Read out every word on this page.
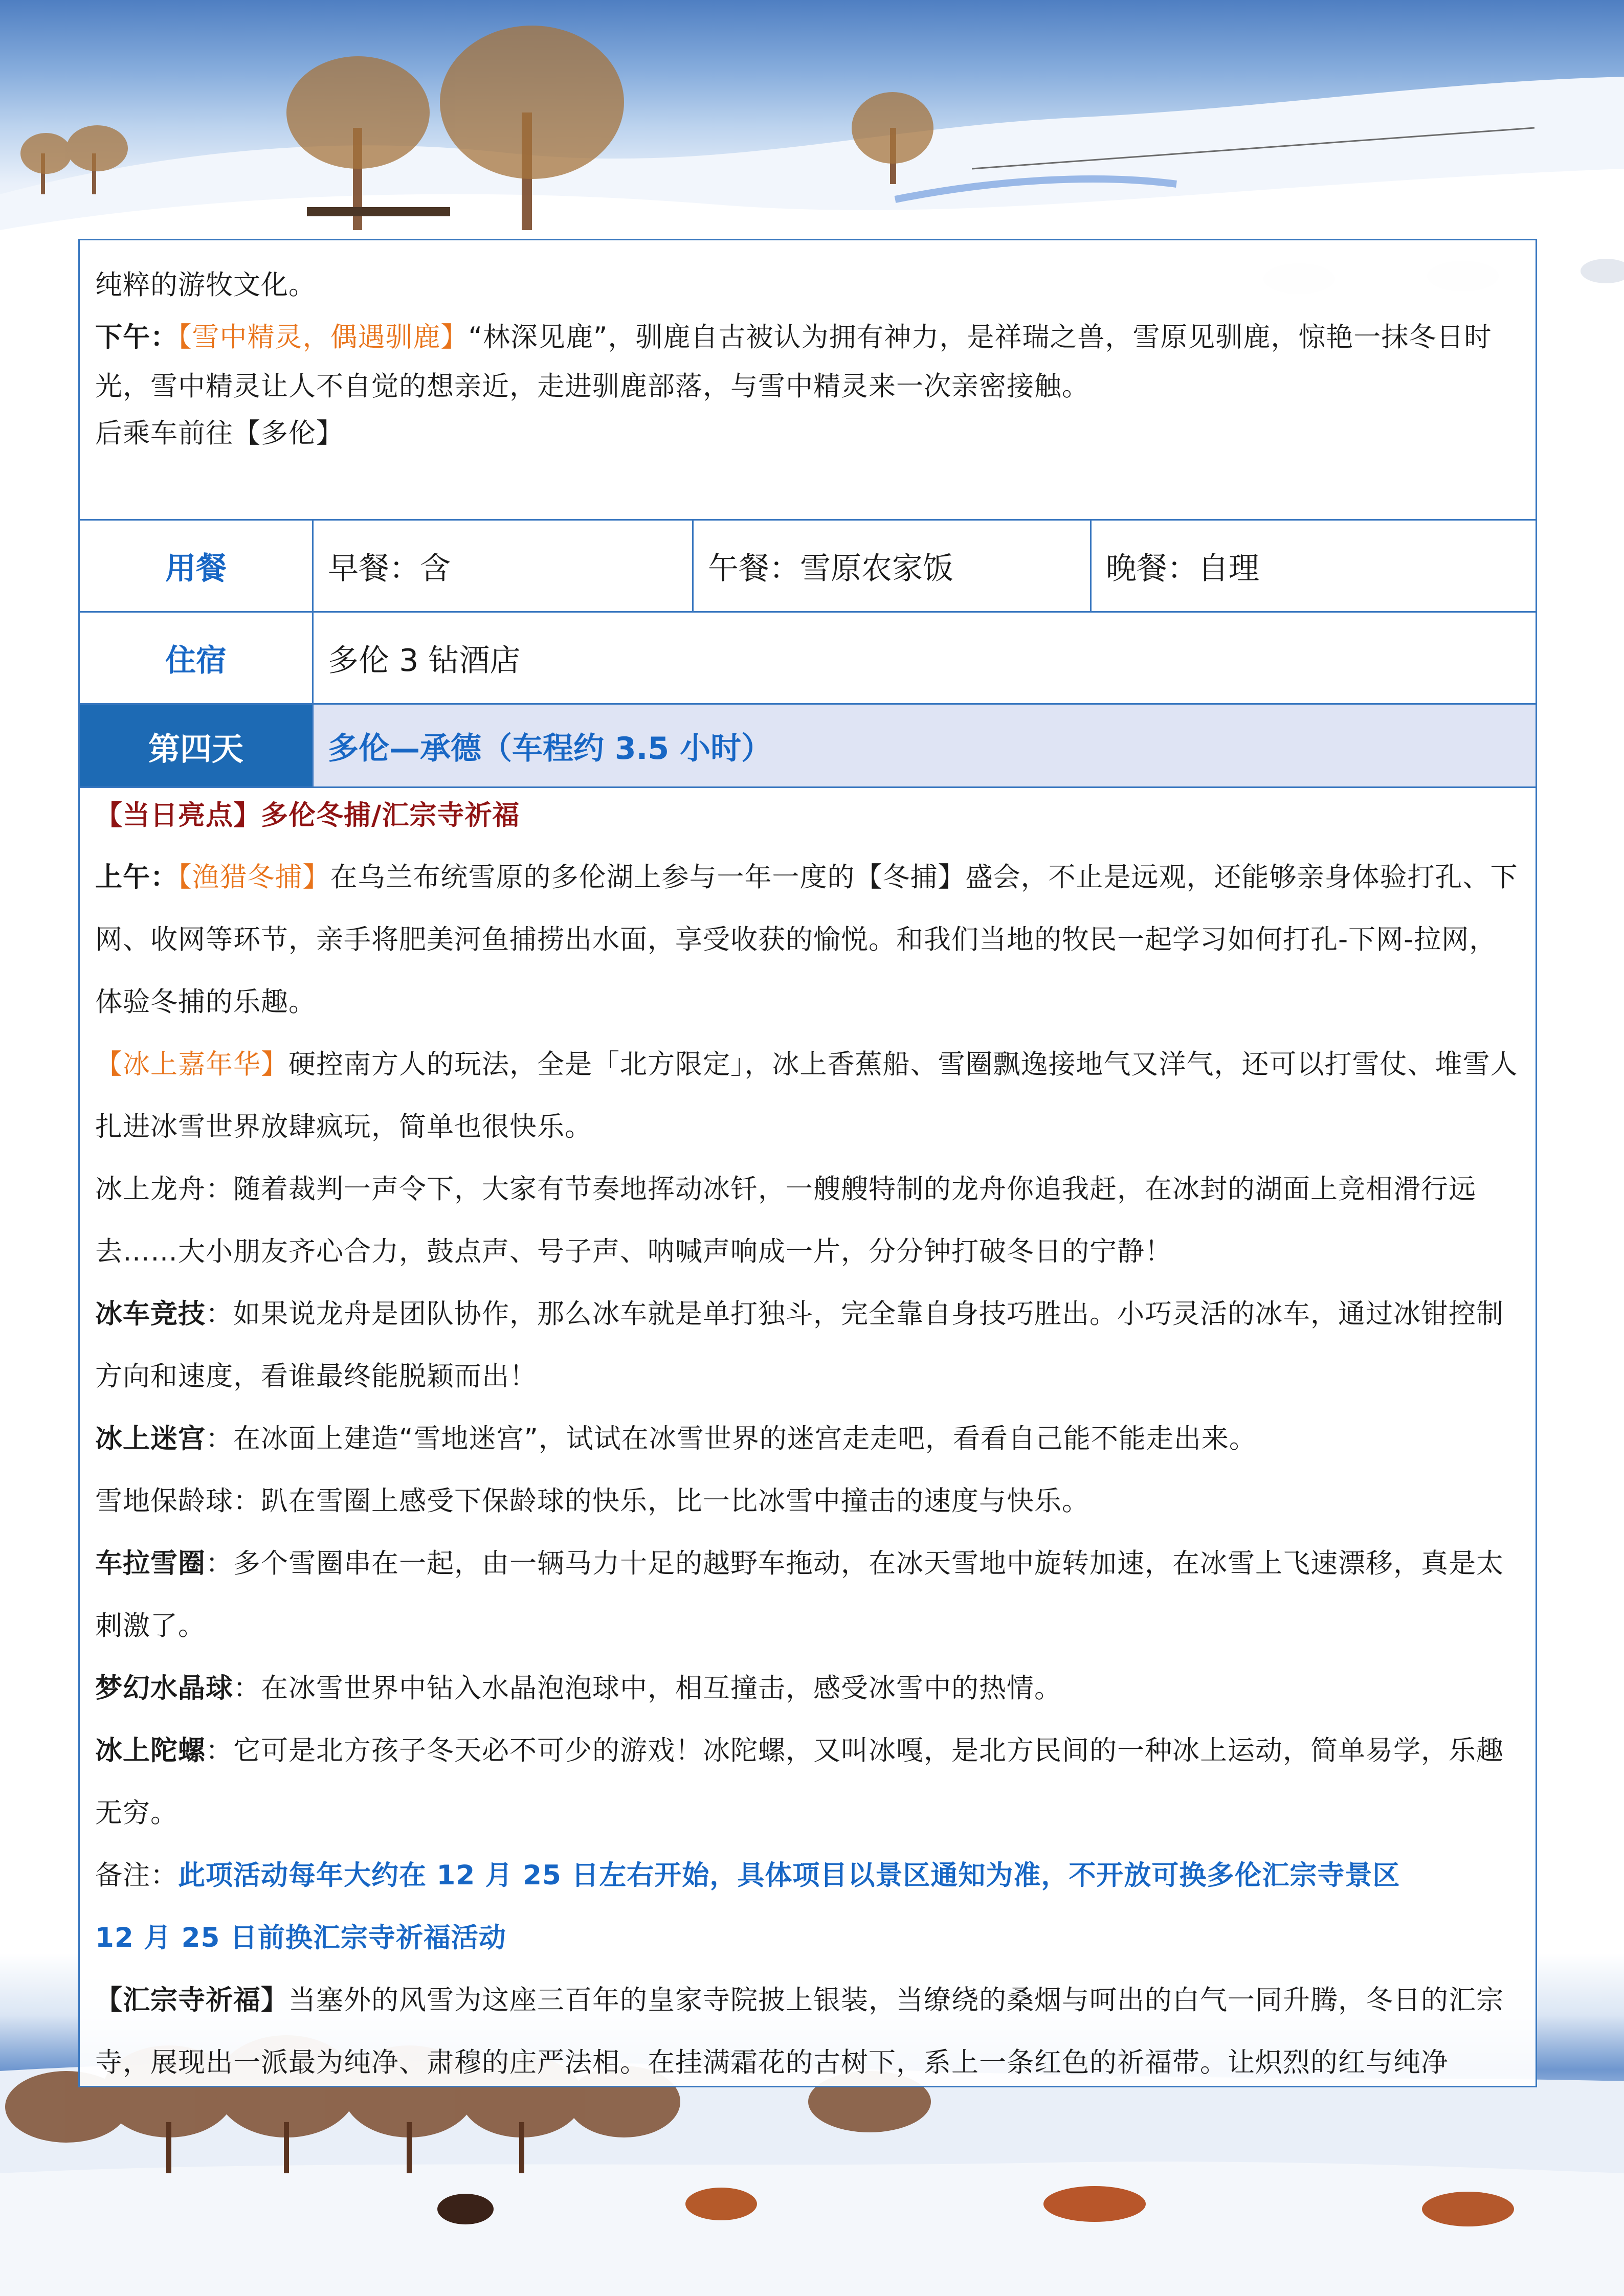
纯粹的游牧文化。

下午：【雪中精灵，偶遇驯鹿】“林深见鹿”，驯鹿自古被认为拥有神力，是祥瑞之兽，雪原见驯鹿，惊艳一抹冬日时光，雪中精灵让人不自觉的想亲近，走进驯鹿部落，与雪中精灵来一次亲密接触。

后乘车前往【多伦】

用餐	早餐：含	午餐：雪原农家饭	晚餐：自理
住宿	多伦 3 钻酒店
第四天	多伦—承德（车程约 3.5 小时）

【当日亮点】多伦冬捕/汇宗寺祈福

上午：【渔猎冬捕】在乌兰布统雪原的多伦湖上参与一年一度的【冬捕】盛会，不止是远观，还能够亲身体验打孔、下网、收网等环节，亲手将肥美河鱼捕捞出水面，享受收获的愉悦。和我们当地的牧民一起学习如何打孔-下网-拉网，体验冬捕的乐趣。

【冰上嘉年华】硬控南方人的玩法，全是「北方限定」，冰上香蕉船、雪圈飘逸接地气又洋气，还可以打雪仗、堆雪人扎进冰雪世界放肆疯玩，简单也很快乐。

冰上龙舟：随着裁判一声令下，大家有节奏地挥动冰钎，一艘艘特制的龙舟你追我赶，在冰封的湖面上竞相滑行远去……大小朋友齐心合力，鼓点声、号子声、呐喊声响成一片，分分钟打破冬日的宁静！

冰车竞技：如果说龙舟是团队协作，那么冰车就是单打独斗，完全靠自身技巧胜出。小巧灵活的冰车，通过冰钳控制方向和速度，看谁最终能脱颖而出！

冰上迷宫：在冰面上建造“雪地迷宫”，试试在冰雪世界的迷宫走走吧，看看自己能不能走出来。

雪地保龄球：趴在雪圈上感受下保龄球的快乐，比一比冰雪中撞击的速度与快乐。

车拉雪圈：多个雪圈串在一起，由一辆马力十足的越野车拖动，在冰天雪地中旋转加速，在冰雪上飞速漂移，真是太刺激了。

梦幻水晶球：在冰雪世界中钻入水晶泡泡球中，相互撞击，感受冰雪中的热情。

冰上陀螺：它可是北方孩子冬天必不可少的游戏！冰陀螺，又叫冰嘎，是北方民间的一种冰上运动，简单易学，乐趣无穷。

备注：此项活动每年大约在 12 月 25 日左右开始，具体项目以景区通知为准，不开放可换多伦汇宗寺景区

12 月 25 日前换汇宗寺祈福活动

【汇宗寺祈福】当塞外的风雪为这座三百年的皇家寺院披上银装，当缭绕的桑烟与呵出的白气一同升腾，冬日的汇宗寺，展现出一派最为纯净、肃穆的庄严法相。在挂满霜花的古树下，系上一条红色的祈福带。让炽烈的红与纯净
